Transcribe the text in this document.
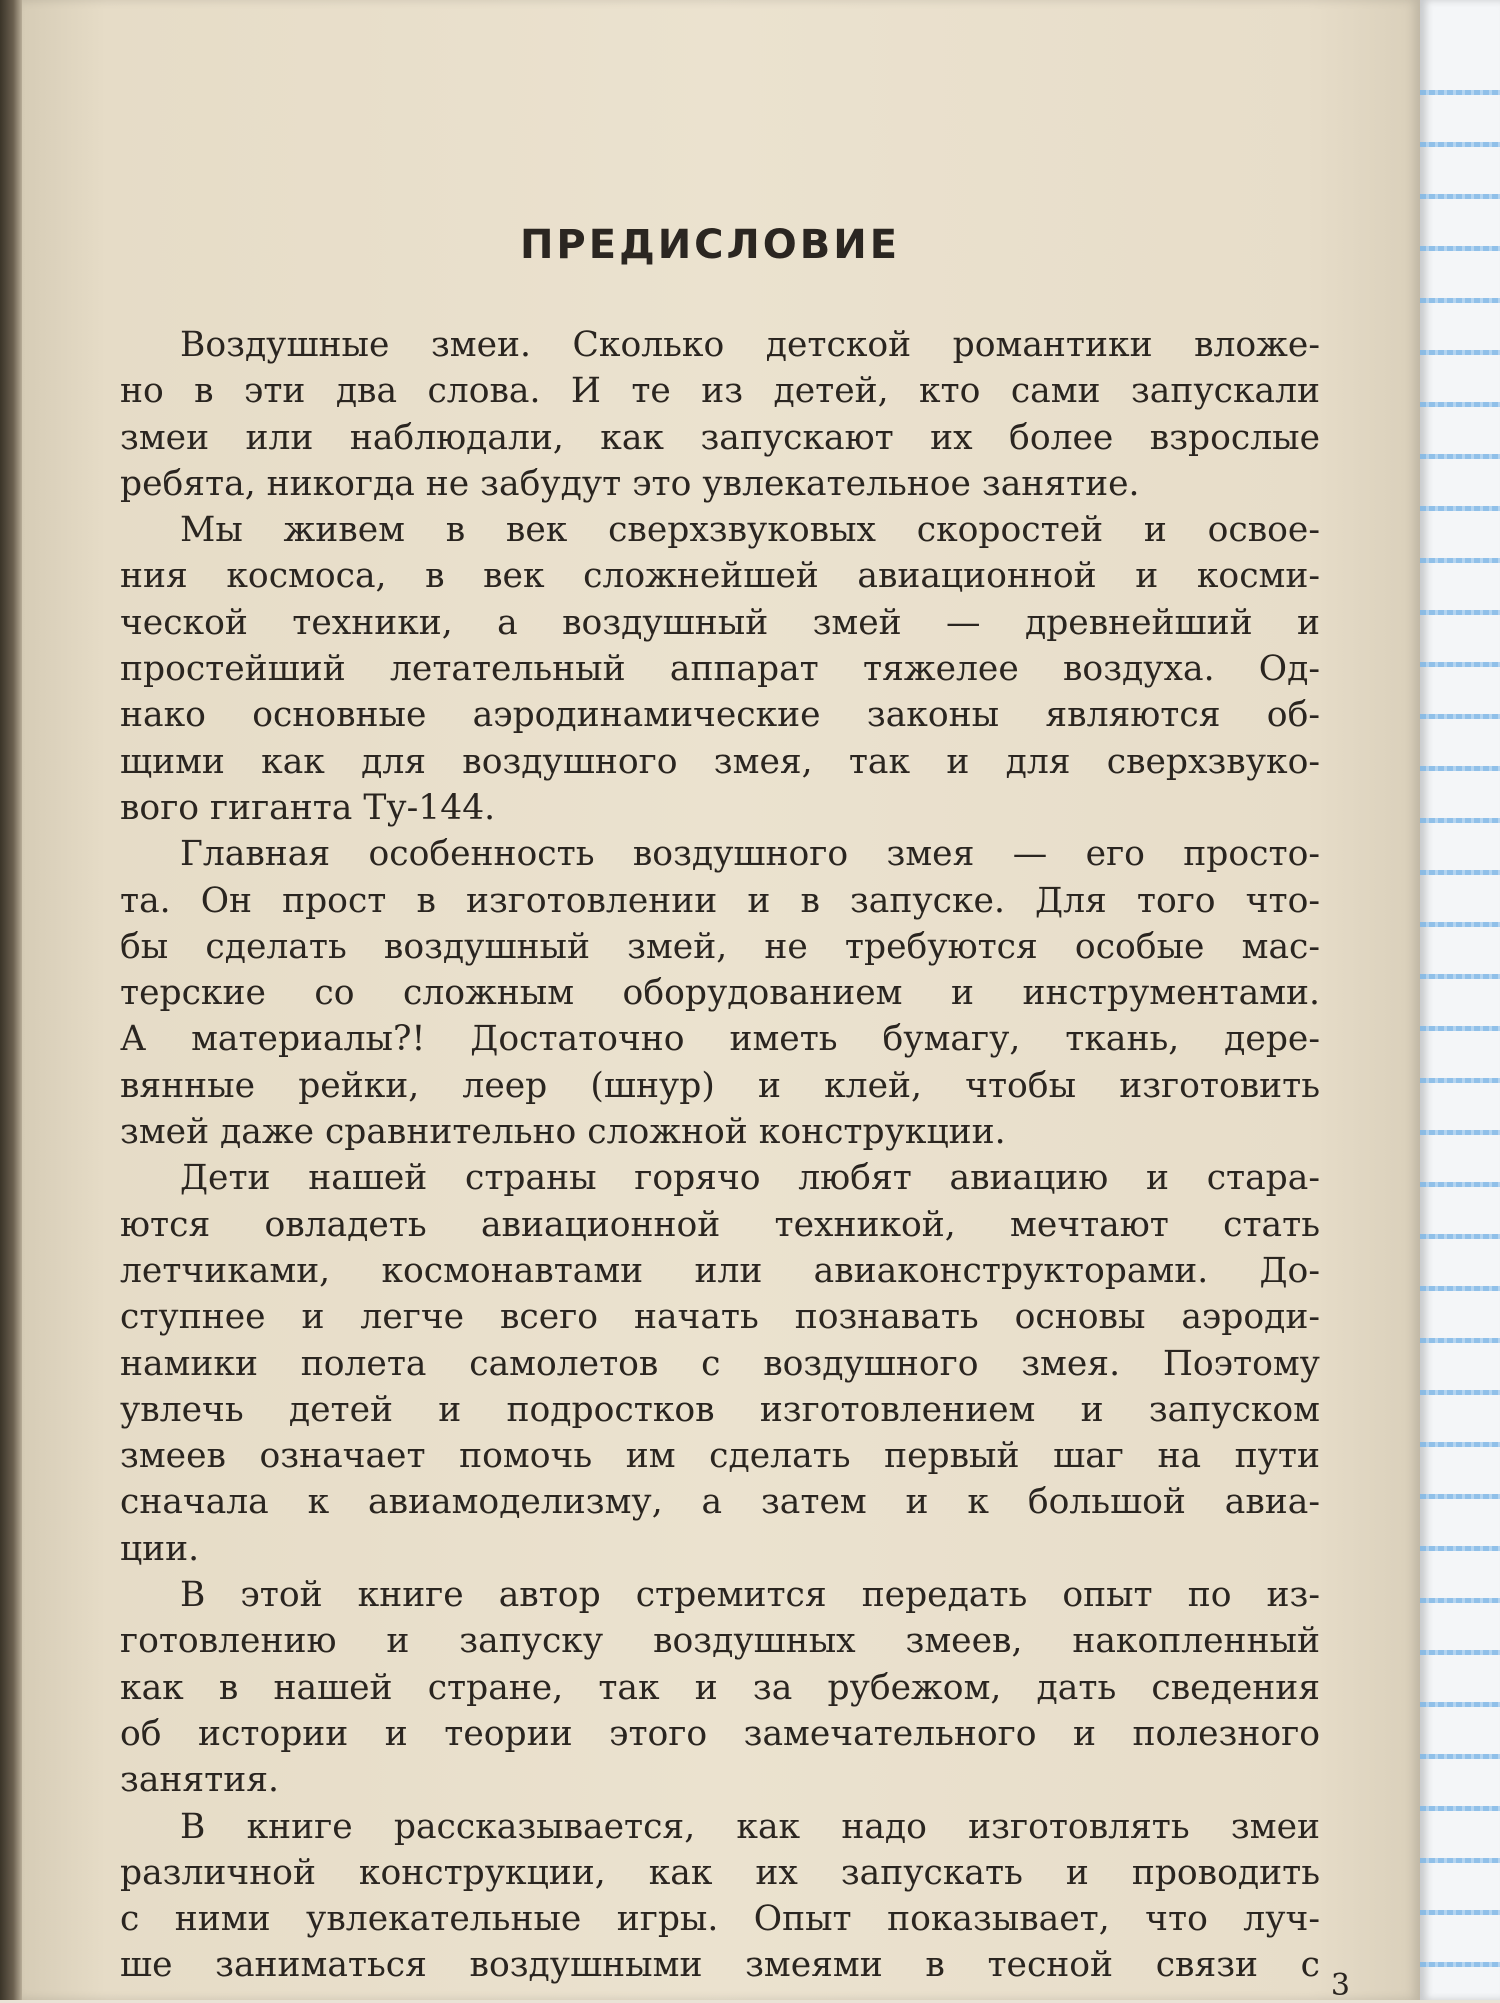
ПРЕДИСЛОВИЕ
Воздушные змеи. Сколько детской романтики вложе-
но в эти два слова. И те из детей, кто сами запускали
змеи или наблюдали, как запускают их более взрослые
ребята, никогда не забудут это увлекательное занятие.
Мы живем в век сверхзвуковых скоростей и освое-
ния космоса, в век сложнейшей авиационной и косми-
ческой техники, а воздушный змей — древнейший и
простейший летательный аппарат тяжелее воздуха. Од-
нако основные аэродинамические законы являются об-
щими как для воздушного змея, так и для сверхзвуко-
вого гиганта Ту-144.
Главная особенность воздушного змея — его просто-
та. Он прост в изготовлении и в запуске. Для того что-
бы сделать воздушный змей, не требуются особые мас-
терские со сложным оборудованием и инструментами.
А материалы?! Достаточно иметь бумагу, ткань, дере-
вянные рейки, леер (шнур) и клей, чтобы изготовить
змей даже сравнительно сложной конструкции.
Дети нашей страны горячо любят авиацию и стара-
ются овладеть авиационной техникой, мечтают стать
летчиками, космонавтами или авиаконструкторами. До-
ступнее и легче всего начать познавать основы аэроди-
намики полета самолетов с воздушного змея. Поэтому
увлечь детей и подростков изготовлением и запуском
змеев означает помочь им сделать первый шаг на пути
сначала к авиамоделизму, а затем и к большой авиа-
ции.
В этой книге автор стремится передать опыт по из-
готовлению и запуску воздушных змеев, накопленный
как в нашей стране, так и за рубежом, дать сведения
об истории и теории этого замечательного и полезного
занятия.
В книге рассказывается, как надо изготовлять змеи
различной конструкции, как их запускать и проводить
с ними увлекательные игры. Опыт показывает, что луч-
ше заниматься воздушными змеями в тесной связи с
3
